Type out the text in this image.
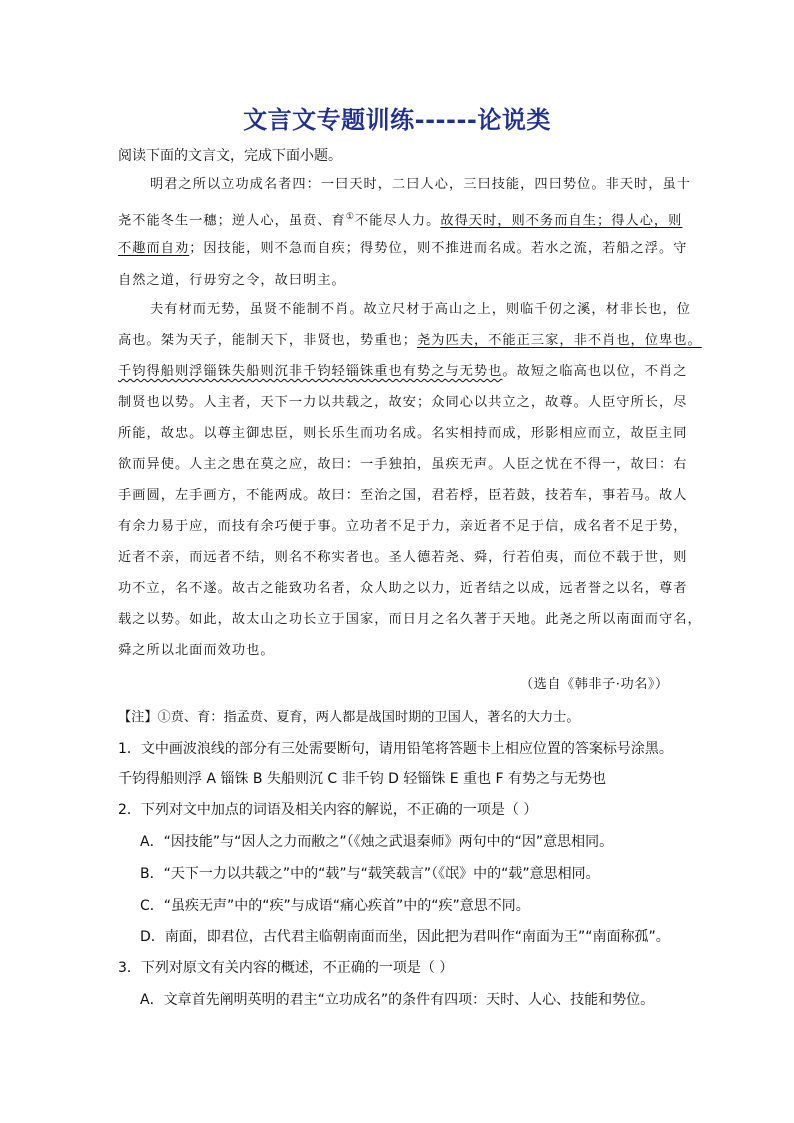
文言文专题训练------论说类
阅读下面的文言文，完成下面小题。
明君之所以立功成名者四：一曰天时，二曰人心，三曰技能，四曰势位。非天时，虽十
尧不能冬生一穗；逆人心，虽贲、育①不能尽人力。故得天时，则不务而自生；得人心，则
不趣而自劝；因技能，则不急而自疾；得势位，则不推进而名成。若水之流，若船之浮。守
自然之道，行毋穷之令，故曰明主。
夫有材而无势，虽贤不能制不肖。故立尺材于高山之上，则临千仞之溪，材非长也，位
高也。桀为天子，能制天下，非贤也，势重也；尧为匹夫，不能正三家，非不肖也，位卑也。
千钧得船则浮锱铢失船则沉非千钧轻锱铢重也有势之与无势也。故短之临高也以位，不肖之
制贤也以势。人主者，天下一力以共载之，故安；众同心以共立之，故尊。人臣守所长，尽
所能，故忠。以尊主御忠臣，则长乐生而功名成。名实相持而成，形影相应而立，故臣主同
欲而异使。人主之患在莫之应，故曰：一手独拍，虽疾无声。人臣之忧在不得一，故曰：右
手画圆，左手画方，不能两成。故曰：至治之国，君若桴，臣若鼓，技若车，事若马。故人
有余力易于应，而技有余巧便于事。立功者不足于力，亲近者不足于信，成名者不足于势，
近者不亲，而远者不结，则名不称实者也。圣人德若尧、舜，行若伯夷，而位不载于世，则
功不立，名不遂。故古之能致功名者，众人助之以力，近者结之以成，远者誉之以名，尊者
载之以势。如此，故太山之功长立于国家，而日月之名久著于天地。此尧之所以南面而守名，
舜之所以北面而效功也。
（选自《韩非子·功名》）
【注】①贲、育：指孟贲、夏育，两人都是战国时期的卫国人，著名的大力士。
1．文中画波浪线的部分有三处需要断句，请用铅笔将答题卡上相应位置的答案标号涂黑。
千钧得船则浮 A 锱铢 B 失船则沉 C 非千钧 D 轻锱铢 E 重也 F 有势之与无势也
2．下列对文中加点的词语及相关内容的解说，不正确的一项是（ ）
A．“因技能”与“因人之力而敝之”（《烛之武退秦师》两句中的“因”意思相同。
B．“天下一力以共载之”中的“载”与“载笑载言”（《氓》中的“载”意思相同。
C．“虽疾无声”中的“疾”与成语“痛心疾首”中的“疾”意思不同。
D．南面，即君位，古代君主临朝南面而坐，因此把为君叫作“南面为王”“南面称孤”。
3．下列对原文有关内容的概述，不正确的一项是（ ）
A．文章首先阐明英明的君主“立功成名”的条件有四项：天时、人心、技能和势位。
